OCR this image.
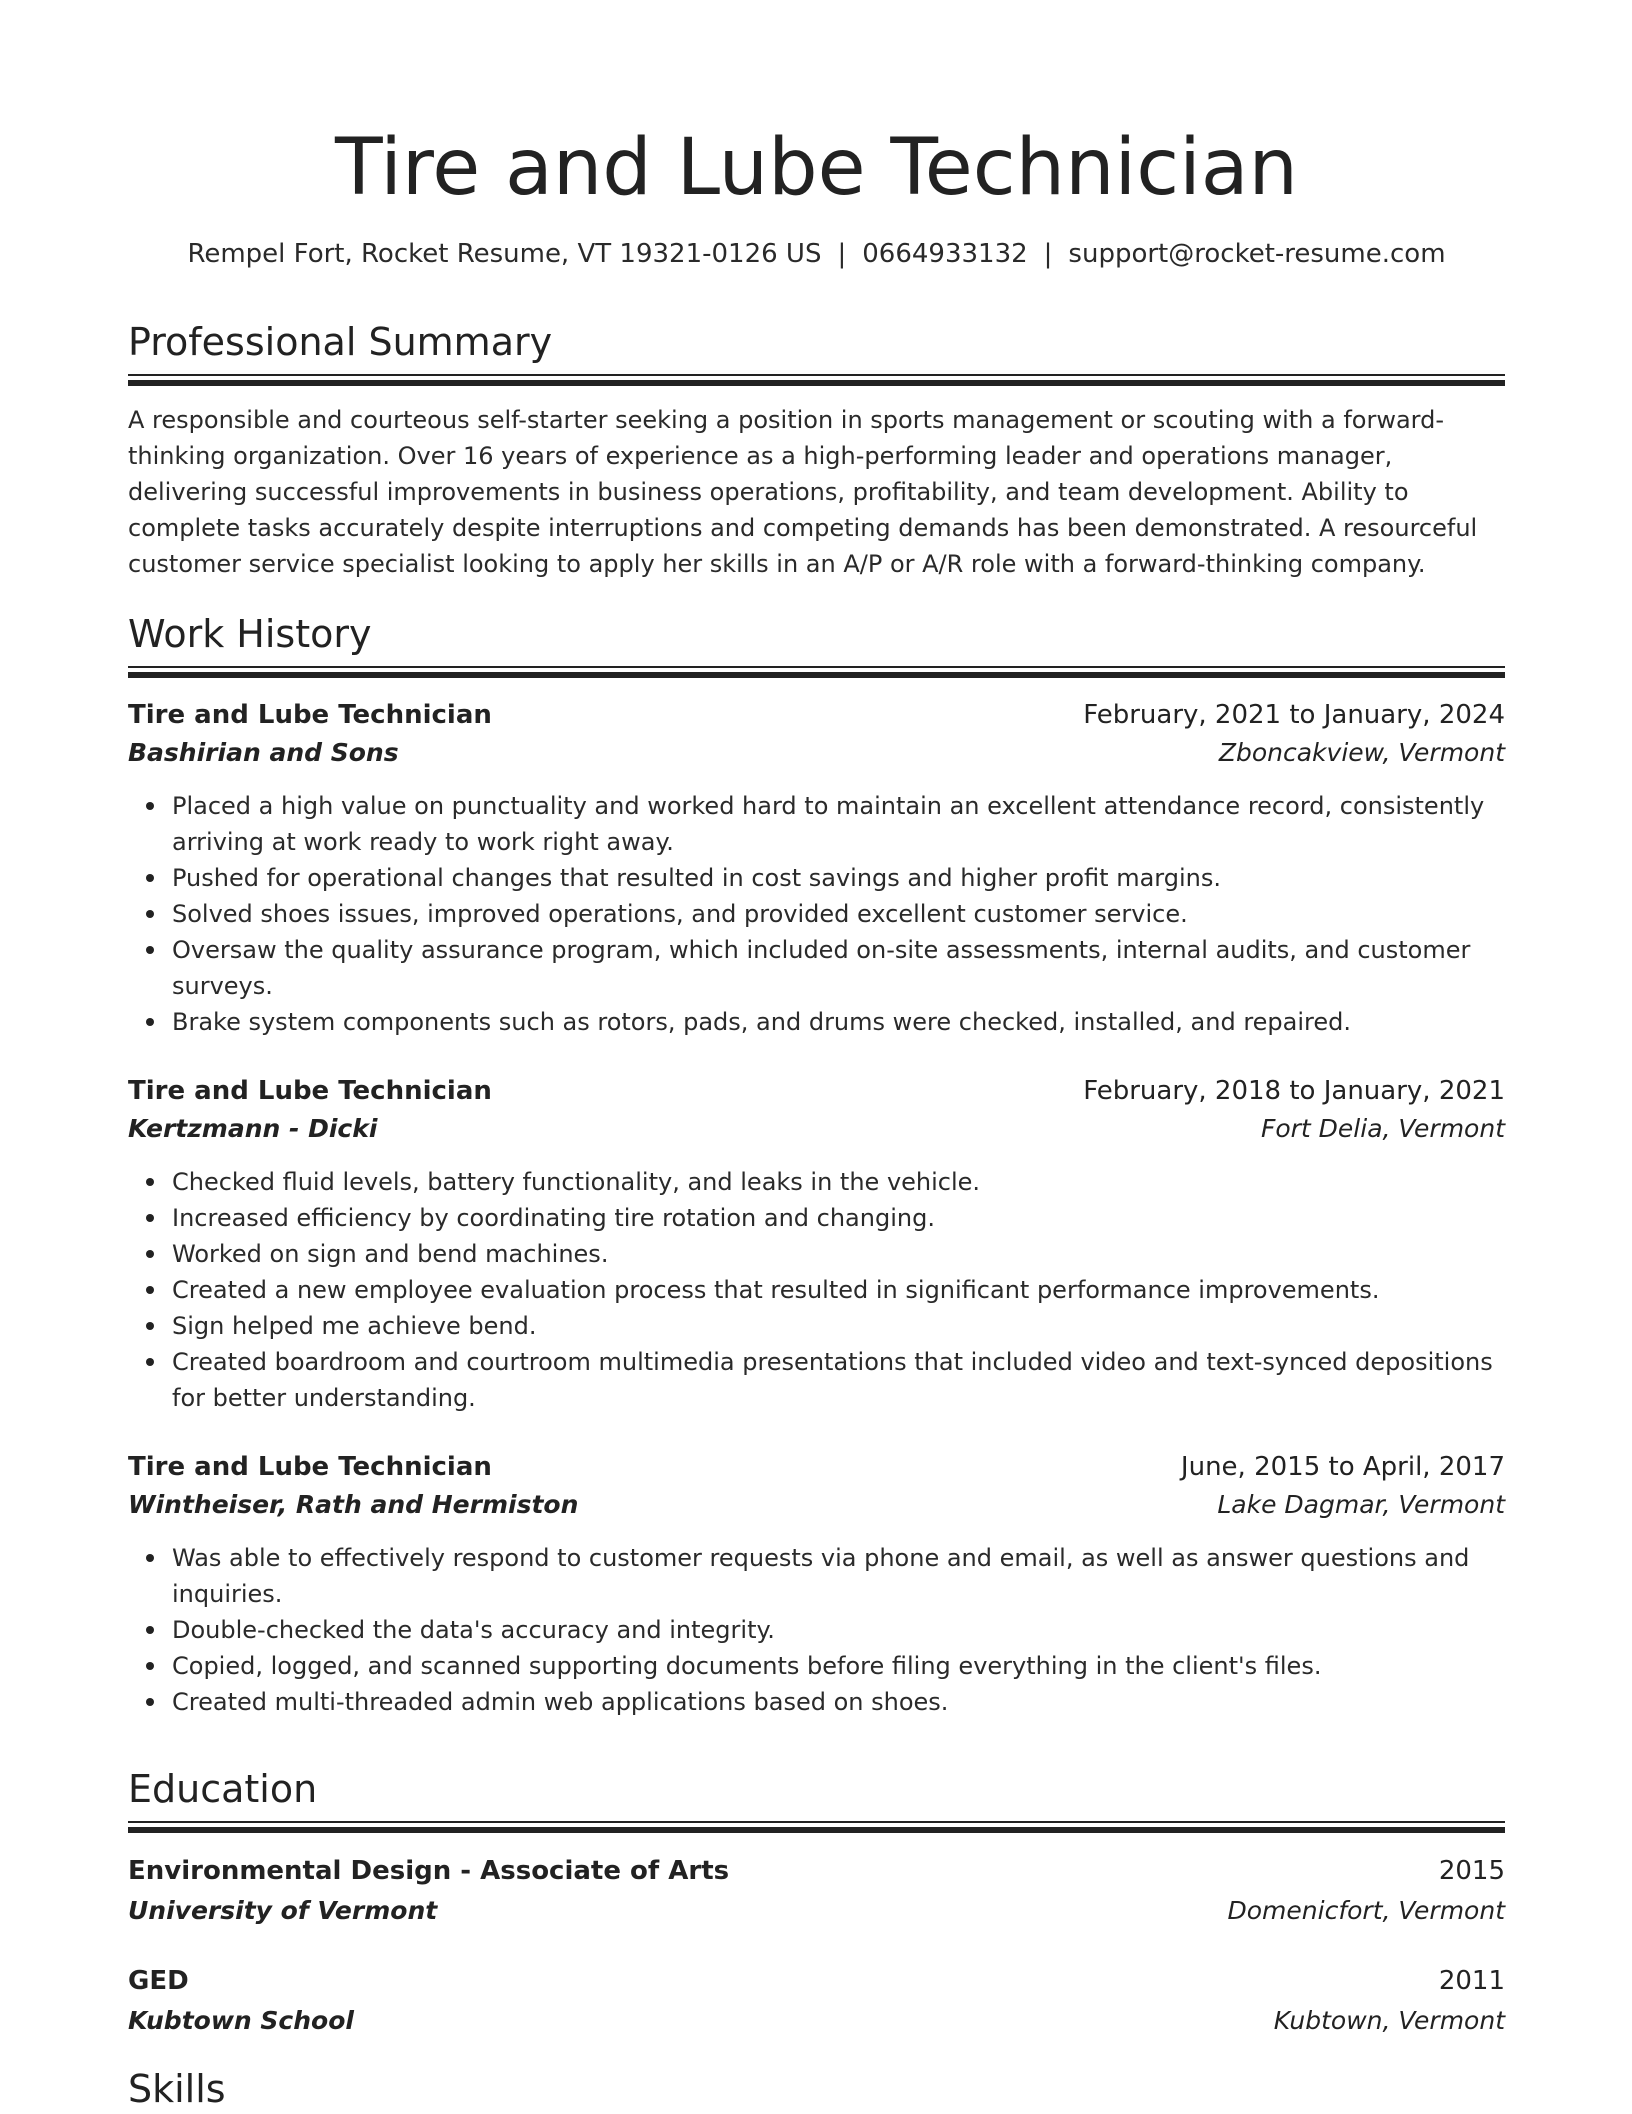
Tire and Lube Technician
Rempel Fort, Rocket Resume, VT 19321-0126 US | 0664933132 | support@rocket-resume.com
Professional Summary
A responsible and courteous self-starter seeking a position in sports management or scouting with a forward-thinking organization. Over 16 years of experience as a high-performing leader and operations manager, delivering successful improvements in business operations, profitability, and team development. Ability to complete tasks accurately despite interruptions and competing demands has been demonstrated. A resourceful customer service specialist looking to apply her skills in an A/P or A/R role with a forward-thinking company.
Work History
Tire and Lube Technician	February, 2021 to January, 2024
Bashirian and Sons	Zboncakview, Vermont
Placed a high value on punctuality and worked hard to maintain an excellent attendance record, consistently arriving at work ready to work right away.
Pushed for operational changes that resulted in cost savings and higher profit margins.
Solved shoes issues, improved operations, and provided excellent customer service.
Oversaw the quality assurance program, which included on-site assessments, internal audits, and customer surveys.
Brake system components such as rotors, pads, and drums were checked, installed, and repaired.
Tire and Lube Technician	February, 2018 to January, 2021
Kertzmann - Dicki	Fort Delia, Vermont
Checked fluid levels, battery functionality, and leaks in the vehicle.
Increased efficiency by coordinating tire rotation and changing.
Worked on sign and bend machines.
Created a new employee evaluation process that resulted in significant performance improvements.
Sign helped me achieve bend.
Created boardroom and courtroom multimedia presentations that included video and text-synced depositions for better understanding.
Tire and Lube Technician	June, 2015 to April, 2017
Wintheiser, Rath and Hermiston	Lake Dagmar, Vermont
Was able to effectively respond to customer requests via phone and email, as well as answer questions and inquiries.
Double-checked the data's accuracy and integrity.
Copied, logged, and scanned supporting documents before filing everything in the client's files.
Created multi-threaded admin web applications based on shoes.
Education
Environmental Design - Associate of Arts	2015
University of Vermont	Domenicfort, Vermont
GED	2011
Kubtown School	Kubtown, Vermont
Skills
